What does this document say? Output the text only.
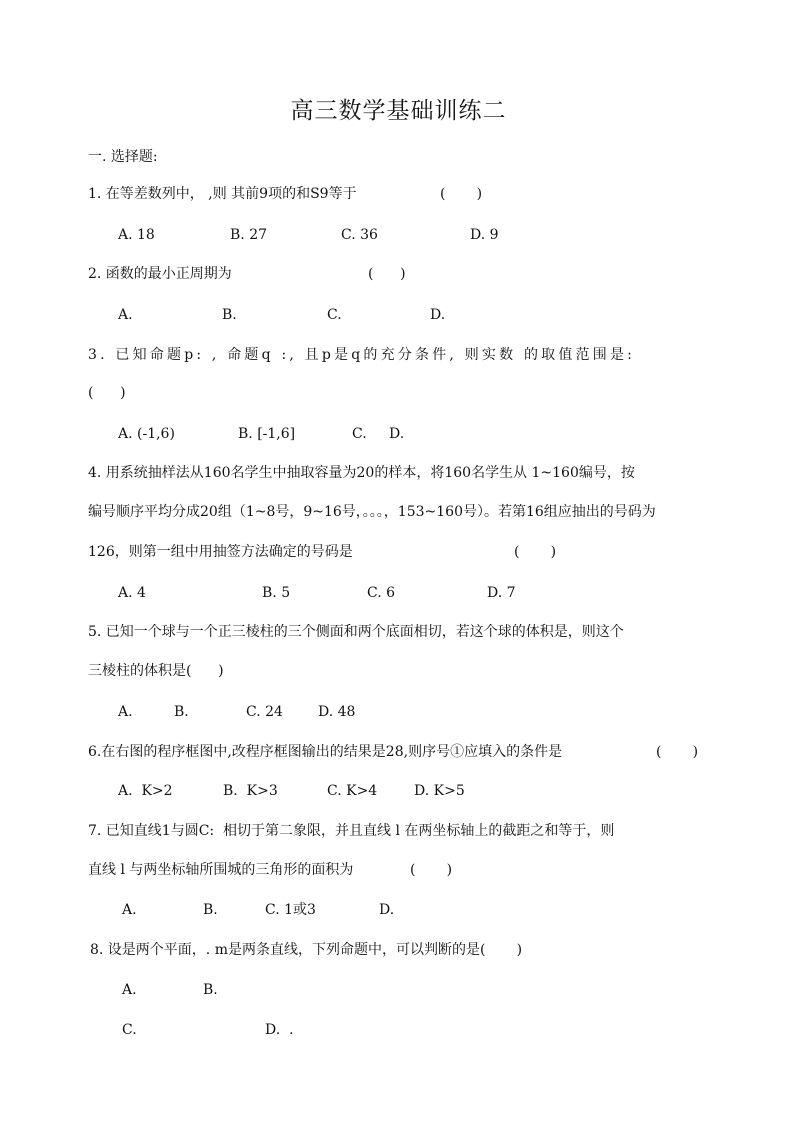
高三数学基础训练二
一. 选择题:
1. 在等差数列中， ,则 其前9项的和S9等于	(       )
A. 18	B. 27	C. 36	D. 9
2. 函数的最小正周期为	(      )
A.	B.	C.	D.
3. 已知命题p: , 命题q :, 且p是q的充分条件, 则实数 的取值范围是:
(      )
A. (-1,6)	B. [-1,6]	C. D.
4. 用系统抽样法从160名学生中抽取容量为20的样本，将160名学生从 1~160编号，按
编号顺序平均分成20组（1~8号，9~16号，。。。，153~160号）。若第16组应抽出的号码为
126，则第一组中用抽签方法确定的号码是	(       )
A. 4	B. 5	C. 6	D. 7
5. 已知一个球与一个正三棱柱的三个侧面和两个底面相切，若这个球的体积是，则这个
三棱柱的体积是(      )
A.	B.	C. 24	D. 48
6.在右图的程序框图中,改程序框图输出的结果是28,则序号①应填入的条件是	(       )
A.  K>2	B.  K>3	C. K>4	D. K>5
7. 已知直线1与圆C:  相切于第二象限，并且直线 l 在两坐标轴上的截距之和等于，则
直线 l 与两坐标轴所围城的三角形的面积为	(       )
A.	B.	C. 1或3	D.
8. 设是两个平面，. m是两条直线，下列命题中，可以判断的是(       )
A.	B.
C.	D.  .
